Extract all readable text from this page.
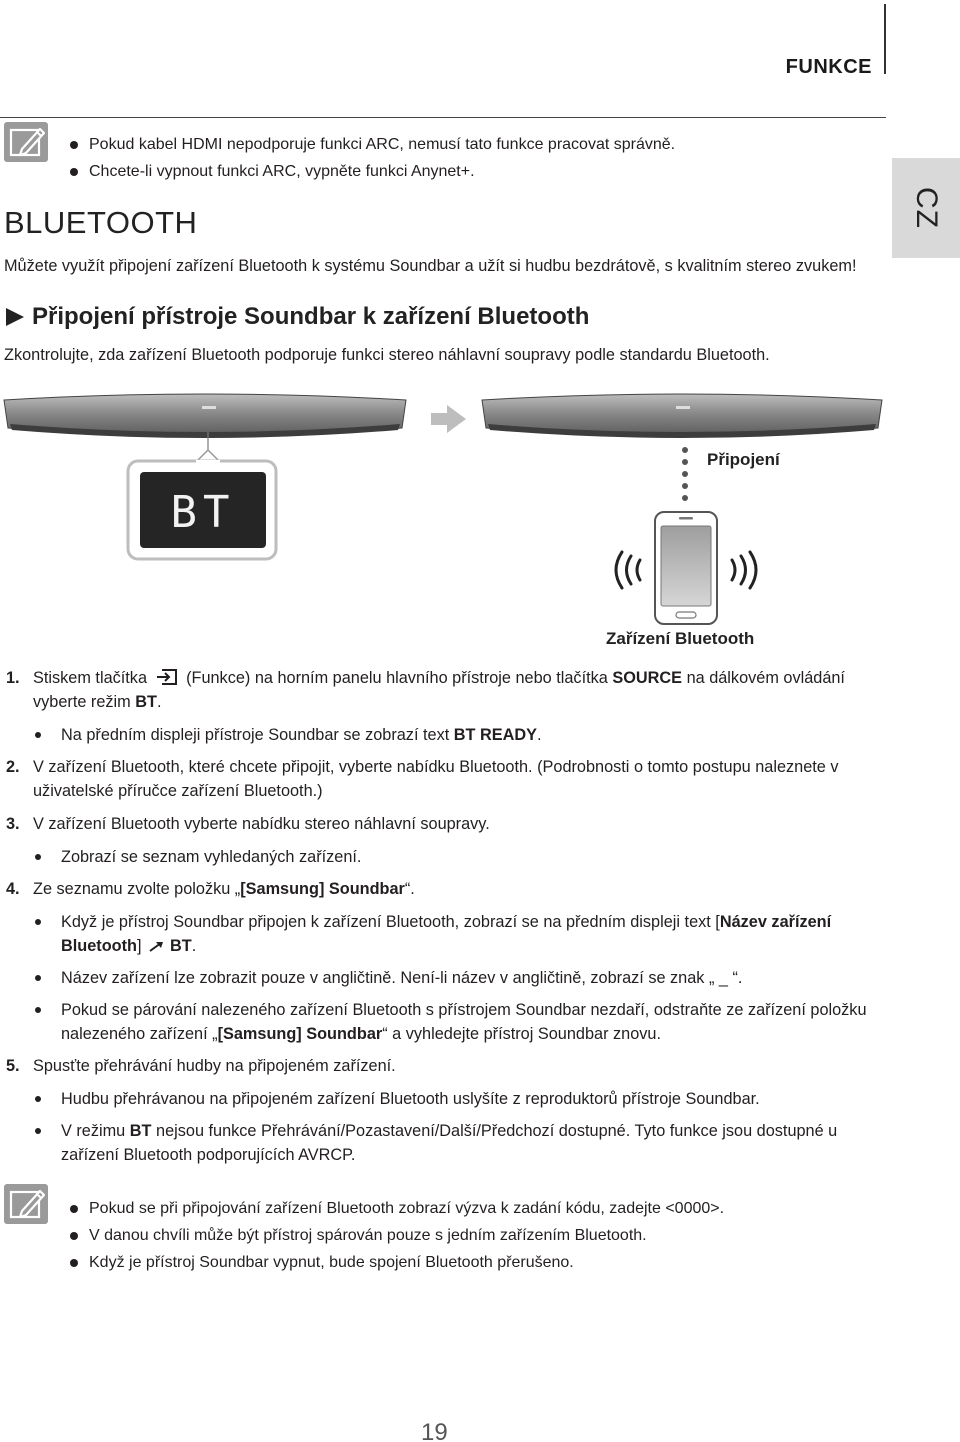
FUNKCE
CZ
Pokud kabel HDMI nepodporuje funkci ARC, nemusí tato funkce pracovat správně.
Chcete-li vypnout funkci ARC, vypněte funkci Anynet+.
BLUETOOTH
Můžete využít připojení zařízení Bluetooth k systému Soundbar a užít si hudbu bezdrátově, s kvalitním stereo zvukem!
Připojení přístroje Soundbar k zařízení Bluetooth
Zkontrolujte, zda zařízení Bluetooth podporuje funkci stereo náhlavní soupravy podle standardu Bluetooth.
BT
Připojení
Zařízení Bluetooth
1. Stiskem tlačítka (Funkce) na horním panelu hlavního přístroje nebo tlačítka SOURCE na dálkovém ovládání vyberte režim BT.
Na předním displeji přístroje Soundbar se zobrazí text BT READY.
2. V zařízení Bluetooth, které chcete připojit, vyberte nabídku Bluetooth. (Podrobnosti o tomto postupu naleznete v uživatelské příručce zařízení Bluetooth.)
3. V zařízení Bluetooth vyberte nabídku stereo náhlavní soupravy.
Zobrazí se seznam vyhledaných zařízení.
4. Ze seznamu zvolte položku „[Samsung] Soundbar“.
Když je přístroj Soundbar připojen k zařízení Bluetooth, zobrazí se na předním displeji text [Název zařízení Bluetooth] BT.
Název zařízení lze zobrazit pouze v angličtině. Není-li název v angličtině, zobrazí se znak „ _ “.
Pokud se párování nalezeného zařízení Bluetooth s přístrojem Soundbar nezdaří, odstraňte ze zařízení položku nalezeného zařízení „[Samsung] Soundbar“ a vyhledejte přístroj Soundbar znovu.
5. Spusťte přehrávání hudby na připojeném zařízení.
Hudbu přehrávanou na připojeném zařízení Bluetooth uslyšíte z reproduktorů přístroje Soundbar.
V režimu BT nejsou funkce Přehrávání/Pozastavení/Další/Předchozí dostupné. Tyto funkce jsou dostupné u zařízení Bluetooth podporujících AVRCP.
Pokud se při připojování zařízení Bluetooth zobrazí výzva k zadání kódu, zadejte <0000>.
V danou chvíli může být přístroj spárován pouze s jedním zařízením Bluetooth.
Když je přístroj Soundbar vypnut, bude spojení Bluetooth přerušeno.
19
